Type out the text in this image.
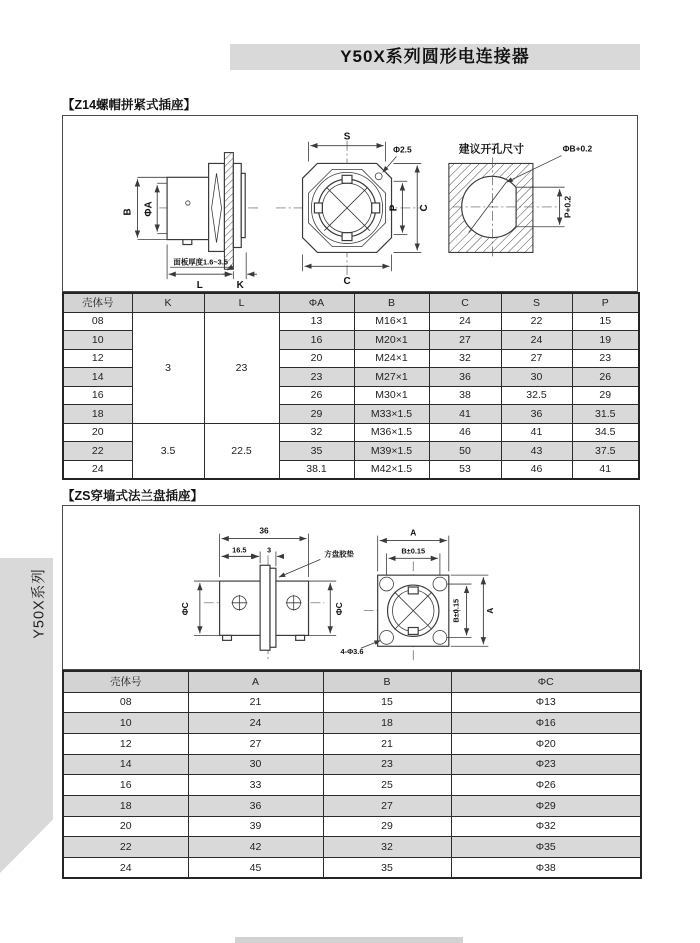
Y50X系列圆形电连接器
【Z14螺帽拼紧式插座】
B ΦA
面板厚度1.6~3.5
L	K
S
Φ2.5
C
P C
建议开孔尺寸	ΦB+0.2
P+0.2
壳体号	K	L	ΦA	B	C	S	P
08	3	23	13	M16×1	24	22	15
10			16	M20×1	27	24	19
12			20	M24×1	32	27	23
14			23	M27×1	36	30	26
16			26	M30×1	38	32.5	29
18			29	M33×1.5	41	36	31.5
20	3.5	22.5	32	M36×1.5	46	41	34.5
22			35	M39×1.5	50	43	37.5
24			38.1	M42×1.5	53	46	41
【ZS穿墙式法兰盘插座】
36
16.5	3	方盘胶垫
ΦC	ΦC
A
B±0.15
B±0.15	A
4-Φ3.6
壳体号	A	B	ΦC
08	21	15	Φ13
10	24	18	Φ16
12	27	21	Φ20
14	30	23	Φ23
16	33	25	Φ26
18	36	27	Φ29
20	39	29	Φ32
22	42	32	Φ35
24	45	35	Φ38
Y50X系列
